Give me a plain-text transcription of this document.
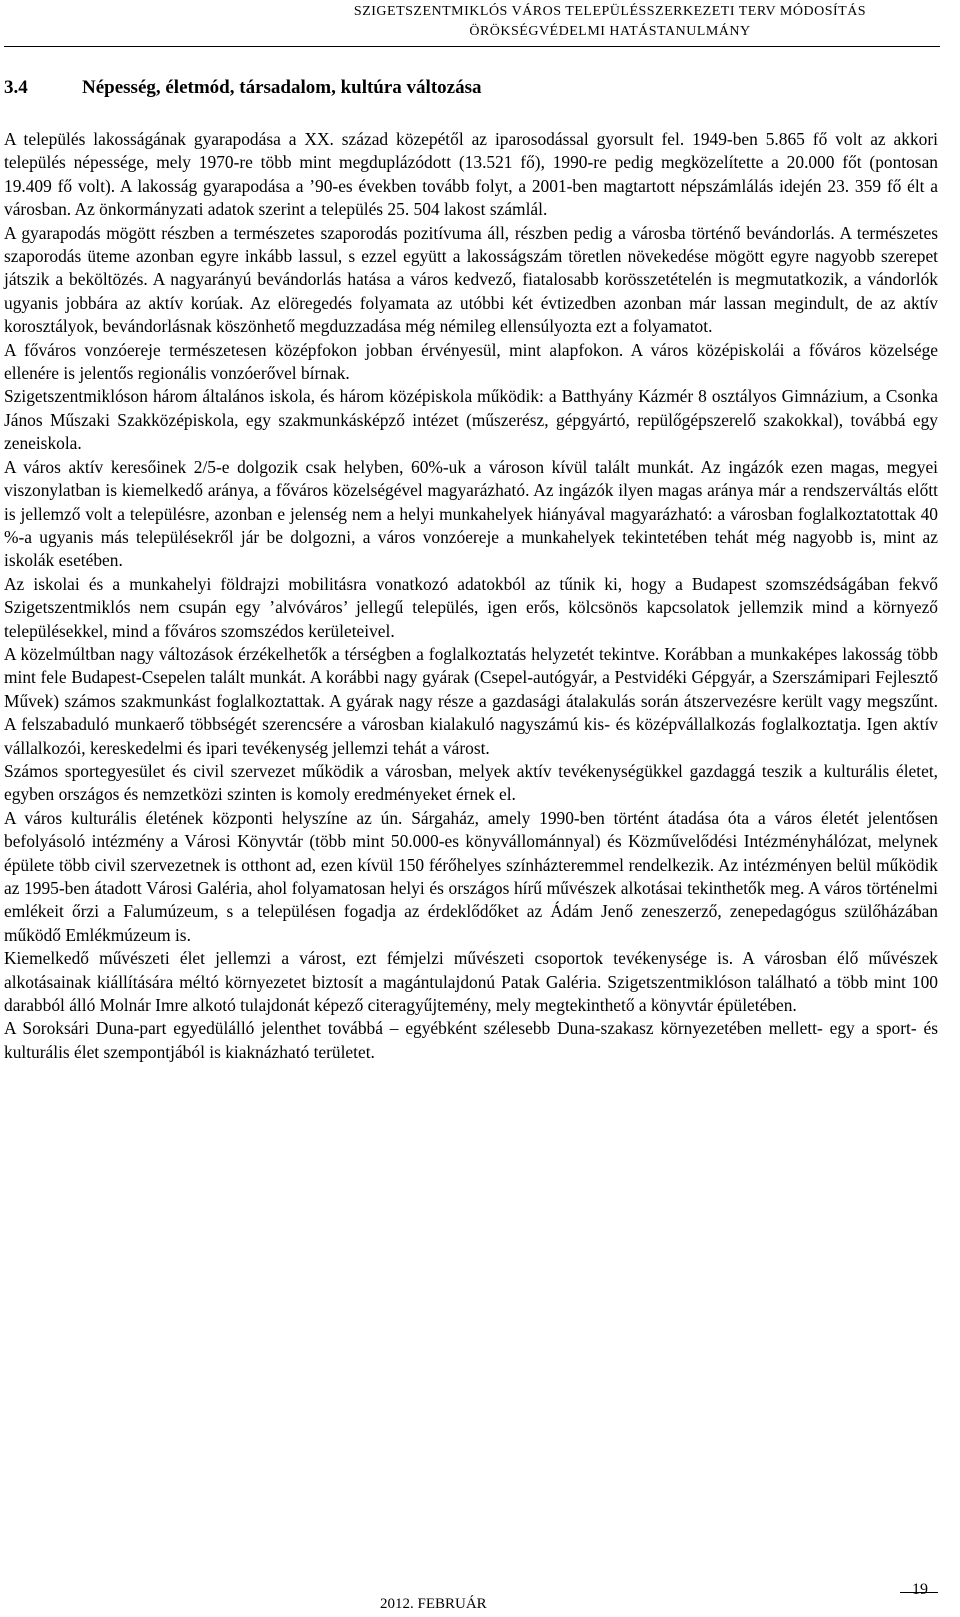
SZIGETSZENTMIKLÓS VÁROS TELEPÜLÉSSZERKEZETI TERV MÓDOSÍTÁS
ÖRÖKSÉGVÉDELMI HATÁSTANULMÁNY
3.4	Népesség, életmód, társadalom, kultúra változása

A település lakosságának gyarapodása a XX. század közepétől az iparosodással gyorsult fel. 1949-ben 5.865 fő volt az akkori település népessége, mely 1970-re több mint megduplázódott (13.521 fő), 1990-re pedig megközelítette a 20.000 főt (pontosan 19.409 fő volt). A lakosság gyarapodása a ’90-es években tovább folyt, a 2001-ben magtartott népszámlálás idején 23. 359 fő élt a városban. Az önkormányzati adatok szerint a település 25. 504 lakost számlál.

A gyarapodás mögött részben a természetes szaporodás pozitívuma áll, részben pedig a városba történő bevándorlás. A természetes szaporodás üteme azonban egyre inkább lassul, s ezzel együtt a lakosságszám töretlen növekedése mögött egyre nagyobb szerepet játszik a beköltözés. A nagyarányú bevándorlás hatása a város kedvező, fiatalosabb korösszetételén is megmutatkozik, a vándorlók ugyanis jobbára az aktív korúak. Az elöregedés folyamata az utóbbi két évtizedben azonban már lassan megindult, de az aktív korosztályok, bevándorlásnak köszönhető megduzzadása még némileg ellensúlyozta ezt a folyamatot.

A főváros vonzóereje természetesen középfokon jobban érvényesül, mint alapfokon. A város középiskolái a főváros közelsége ellenére is jelentős regionális vonzóerővel bírnak.

Szigetszentmiklóson három általános iskola, és három középiskola működik: a Batthyány Kázmér 8 osztályos Gimnázium, a Csonka János Műszaki Szakközépiskola, egy szakmunkásképző intézet (műszerész, gépgyártó, repülőgépszerelő szakokkal), továbbá egy zeneiskola.

A város aktív keresőinek 2/5-e dolgozik csak helyben, 60%-uk a városon kívül talált munkát. Az ingázók ezen magas, megyei viszonylatban is kiemelkedő aránya, a főváros közelségével magyarázható. Az ingázók ilyen magas aránya már a rendszerváltás előtt is jellemző volt a településre, azonban e jelenség nem a helyi munkahelyek hiányával magyarázható: a városban foglalkoztatottak 40 %-a ugyanis más településekről jár be dolgozni, a város vonzóereje a munkahelyek tekintetében tehát még nagyobb is, mint az iskolák esetében.

Az iskolai és a munkahelyi földrajzi mobilitásra vonatkozó adatokból az tűnik ki, hogy a Budapest szomszédságában fekvő Szigetszentmiklós nem csupán egy ’alvóváros’ jellegű település, igen erős, kölcsönös kapcsolatok jellemzik mind a környező településekkel, mind a főváros szomszédos kerületeivel.

A közelmúltban nagy változások érzékelhetők a térségben a foglalkoztatás helyzetét tekintve. Korábban a munkaképes lakosság több mint fele Budapest-Csepelen talált munkát. A korábbi nagy gyárak (Csepel-autógyár, a Pestvidéki Gépgyár, a Szerszámipari Fejlesztő Művek) számos szakmunkást foglalkoztattak. A gyárak nagy része a gazdasági átalakulás során átszervezésre került vagy megszűnt. A felszabaduló munkaerő többségét szerencsére a városban kialakuló nagyszámú kis- és középvállalkozás foglalkoztatja. Igen aktív vállalkozói, kereskedelmi és ipari tevékenység jellemzi tehát a várost.

Számos sportegyesület és civil szervezet működik a városban, melyek aktív tevékenységükkel gazdaggá teszik a kulturális életet, egyben országos és nemzetközi szinten is komoly eredményeket érnek el.

A város kulturális életének központi helyszíne az ún. Sárgaház, amely 1990-ben történt átadása óta a város életét jelentősen befolyásoló intézmény a Városi Könyvtár (több mint 50.000-es könyvállománnyal) és Közművelődési Intézményhálózat, melynek épülete több civil szervezetnek is otthont ad, ezen kívül 150 férőhelyes színházteremmel rendelkezik. Az intézményen belül működik az 1995-ben átadott Városi Galéria, ahol folyamatosan helyi és országos hírű művészek alkotásai tekinthetők meg. A város történelmi emlékeit őrzi a Falumúzeum, s a településen fogadja az érdeklődőket az Ádám Jenő zeneszerző, zenepedagógus szülőházában működő Emlékmúzeum is.

Kiemelkedő művészeti élet jellemzi a várost, ezt fémjelzi művészeti csoportok tevékenysége is. A városban élő művészek alkotásainak kiállítására méltó környezetet biztosít a magántulajdonú Patak Galéria. Szigetszentmiklóson található a több mint 100 darabból álló Molnár Imre alkotó tulajdonát képező citeragyűjtemény, mely megtekinthető a könyvtár épületében.

A Soroksári Duna-part egyedülálló jelenthet továbbá – egyébként szélesebb Duna-szakasz környezetében mellett- egy a sport- és kulturális élet szempontjából is kiaknázható területet.

2012. FEBRUÁR
19
